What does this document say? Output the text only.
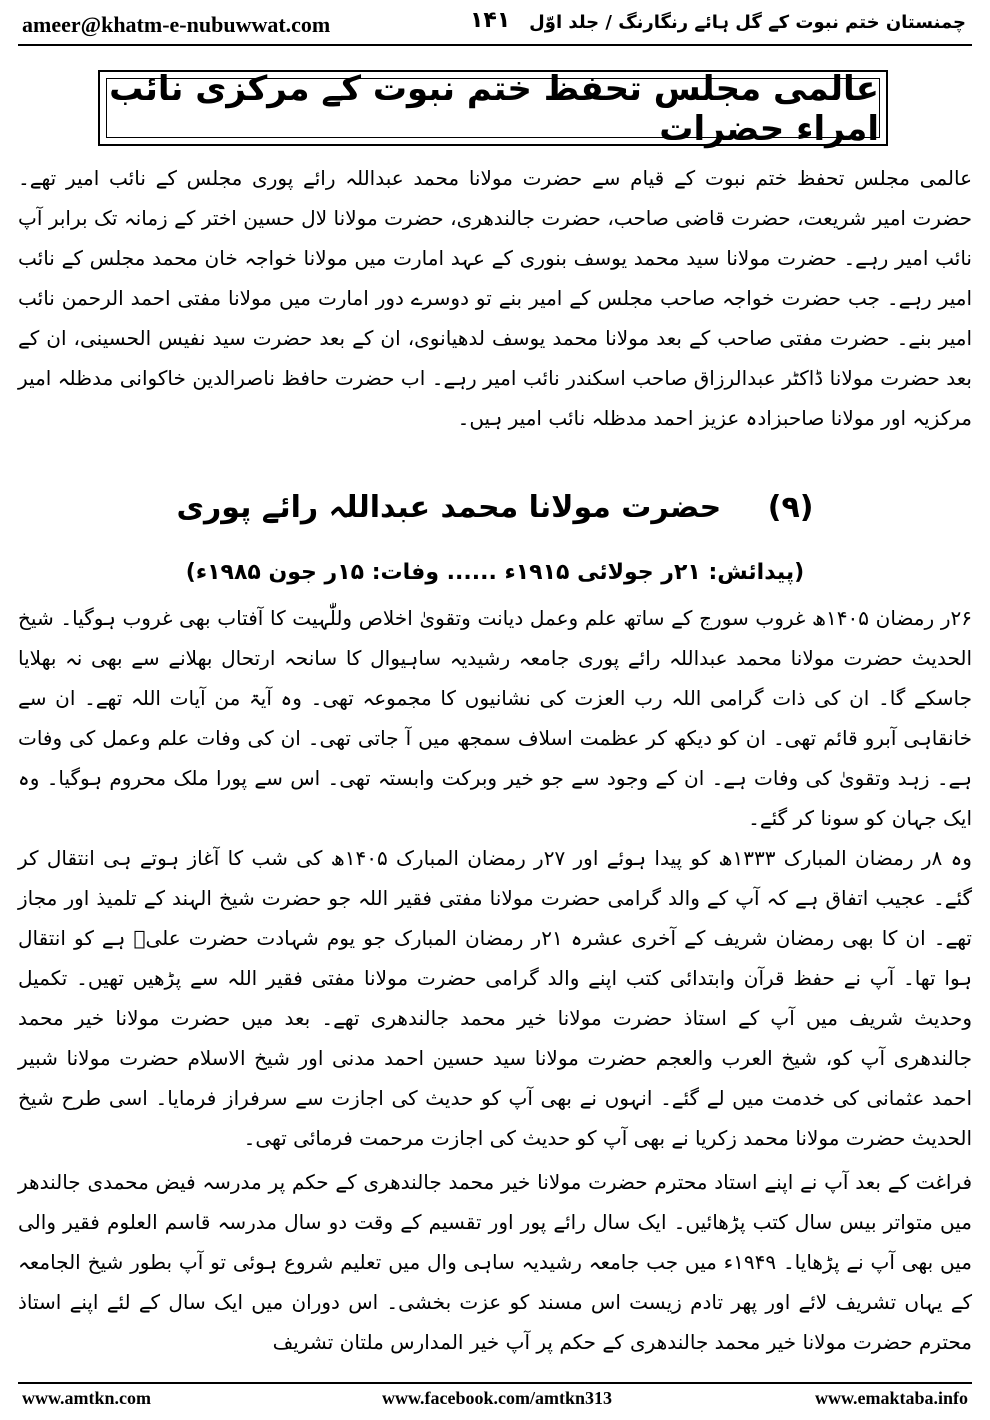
ameer@khatm-e-nubuwwat.com	۱۴۱ چمنستان ختم نبوت کے گل ہائے رنگارنگ / جلد اوّل
عالمی مجلس تحفظ ختم نبوت کے مرکزی نائب امراء حضرات

عالمی مجلس تحفظ ختم نبوت کے قیام سے حضرت مولانا محمد عبداللہ رائے پوری مجلس کے نائب امیر تھے۔ حضرت امیر شریعت، حضرت قاضی صاحب، حضرت جالندھری، حضرت مولانا لال حسین اختر کے زمانہ تک برابر آپ نائب امیر رہے۔ حضرت مولانا سید محمد یوسف بنوری کے عہد امارت میں مولانا خواجہ خان محمد مجلس کے نائب امیر رہے۔ جب حضرت خواجہ صاحب مجلس کے امیر بنے تو دوسرے دور امارت میں مولانا مفتی احمد الرحمن نائب امیر بنے۔ حضرت مفتی صاحب کے بعد مولانا محمد یوسف لدھیانوی، ان کے بعد حضرت سید نفیس الحسینی، ان کے بعد حضرت مولانا ڈاکٹر عبدالرزاق صاحب اسکندر نائب امیر رہے۔ اب حضرت حافظ ناصرالدین خاکوانی مدظلہ امیر مرکزیہ اور مولانا صاحبزادہ عزیز احمد مدظلہ نائب امیر ہیں۔

(۹) حضرت مولانا محمد عبداللہ رائے پوری
(پیدائش: ۲۱ر جولائی ۱۹۱۵ء ...... وفات: ۱۵ر جون ۱۹۸۵ء)

۲۶ر رمضان ۱۴۰۵ھ غروب سورج کے ساتھ علم وعمل دیانت وتقویٰ اخلاص وللّٰہیت کا آفتاب بھی غروب ہوگیا۔ شیخ الحدیث حضرت مولانا محمد عبداللہ رائے پوری جامعہ رشیدیہ ساہیوال کا سانحہ ارتحال بھلانے سے بھی نہ بھلایا جاسکے گا۔ ان کی ذات گرامی اللہ رب العزت کی نشانیوں کا مجموعہ تھی۔ وہ آیۃ من آیات اللہ تھے۔ ان سے خانقاہی آبرو قائم تھی۔ ان کو دیکھ کر عظمت اسلاف سمجھ میں آ جاتی تھی۔ ان کی وفات علم وعمل کی وفات ہے۔ زہد وتقویٰ کی وفات ہے۔ ان کے وجود سے جو خیر وبرکت وابستہ تھی۔ اس سے پورا ملک محروم ہوگیا۔ وہ ایک جہان کو سونا کر گئے۔

وہ ۸ر رمضان المبارک ۱۳۳۳ھ کو پیدا ہوئے اور ۲۷ر رمضان المبارک ۱۴۰۵ھ کی شب کا آغاز ہوتے ہی انتقال کر گئے۔ عجیب اتفاق ہے کہ آپ کے والد گرامی حضرت مولانا مفتی فقیر اللہ جو حضرت شیخ الہند کے تلمیذ اور مجاز تھے۔ ان کا بھی رمضان شریف کے آخری عشرہ ۲۱ر رمضان المبارک جو یوم شہادت حضرت علیؓ ہے کو انتقال ہوا تھا۔ آپ نے حفظ قرآن وابتدائی کتب اپنے والد گرامی حضرت مولانا مفتی فقیر اللہ سے پڑھیں تھیں۔ تکمیل وحدیث شریف میں آپ کے استاذ حضرت مولانا خیر محمد جالندھری تھے۔ بعد میں حضرت مولانا خیر محمد جالندھری آپ کو، شیخ العرب والعجم حضرت مولانا سید حسین احمد مدنی اور شیخ الاسلام حضرت مولانا شبیر احمد عثمانی کی خدمت میں لے گئے۔ انہوں نے بھی آپ کو حدیث کی اجازت سے سرفراز فرمایا۔ اسی طرح شیخ الحدیث حضرت مولانا محمد زکریا نے بھی آپ کو حدیث کی اجازت مرحمت فرمائی تھی۔

فراغت کے بعد آپ نے اپنے استاد محترم حضرت مولانا خیر محمد جالندھری کے حکم پر مدرسہ فیض محمدی جالندھر میں متواتر بیس سال کتب پڑھائیں۔ ایک سال رائے پور اور تقسیم کے وقت دو سال مدرسہ قاسم العلوم فقیر والی میں بھی آپ نے پڑھایا۔ ۱۹۴۹ء میں جب جامعہ رشیدیہ ساہی وال میں تعلیم شروع ہوئی تو آپ بطور شیخ الجامعہ کے یہاں تشریف لائے اور پھر تادم زیست اس مسند کو عزت بخشی۔ اس دوران میں ایک سال کے لئے اپنے استاذ محترم حضرت مولانا خیر محمد جالندھری کے حکم پر آپ خیر المدارس ملتان تشریف

www.amtkn.com	www.facebook.com/amtkn313	www.emaktaba.info
